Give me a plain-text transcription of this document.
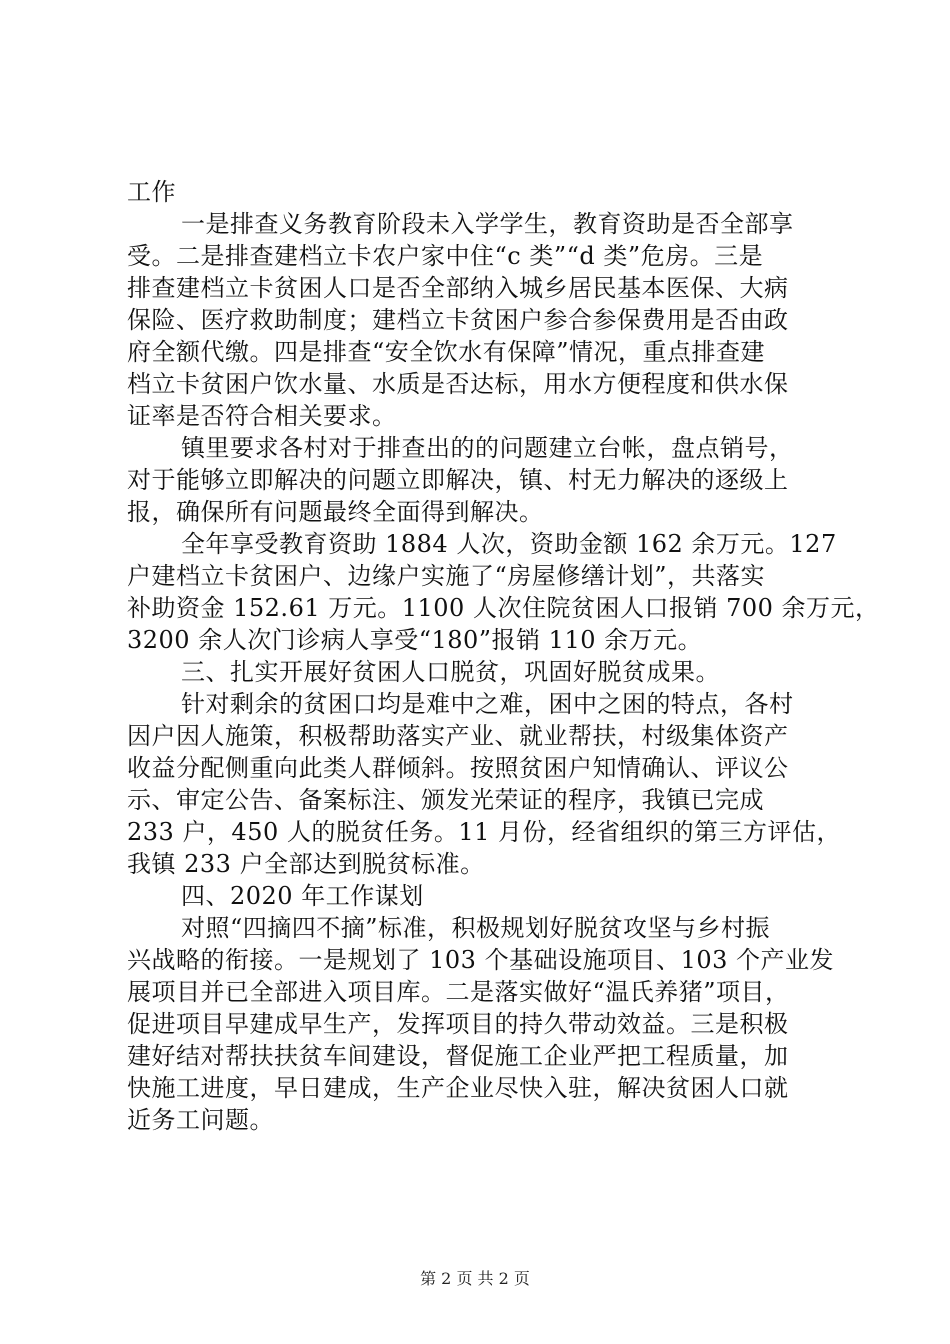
工作
一是排查义务教育阶段未入学学生，教育资助是否全部享
受。二是排查建档立卡农户家中住“c 类”“d 类”危房。三是
排查建档立卡贫困人口是否全部纳入城乡居民基本医保、大病
保险、医疗救助制度；建档立卡贫困户参合参保费用是否由政
府全额代缴。四是排查“安全饮水有保障”情况，重点排查建
档立卡贫困户饮水量、水质是否达标，用水方便程度和供水保
证率是否符合相关要求。
镇里要求各村对于排查出的的问题建立台帐，盘点销号，
对于能够立即解决的问题立即解决，镇、村无力解决的逐级上
报，确保所有问题最终全面得到解决。
全年享受教育资助 1884 人次，资助金额 162 余万元。127
户建档立卡贫困户、边缘户实施了“房屋修缮计划”，共落实
补助资金 152.61 万元。1100 人次住院贫困人口报销 700 余万元，
3200 余人次门诊病人享受“180”报销 110 余万元。
三、扎实开展好贫困人口脱贫，巩固好脱贫成果。
针对剩余的贫困口均是难中之难，困中之困的特点，各村
因户因人施策，积极帮助落实产业、就业帮扶，村级集体资产
收益分配侧重向此类人群倾斜。按照贫困户知情确认、评议公
示、审定公告、备案标注、颁发光荣证的程序，我镇已完成
233 户，450 人的脱贫任务。11 月份，经省组织的第三方评估，
我镇 233 户全部达到脱贫标准。
四、2020 年工作谋划
对照“四摘四不摘”标准，积极规划好脱贫攻坚与乡村振
兴战略的衔接。一是规划了 103 个基础设施项目、103 个产业发
展项目并已全部进入项目库。二是落实做好“温氏养猪”项目，
促进项目早建成早生产，发挥项目的持久带动效益。三是积极
建好结对帮扶扶贫车间建设，督促施工企业严把工程质量，加
快施工进度，早日建成，生产企业尽快入驻，解决贫困人口就
近务工问题。
第 2 页 共 2 页
